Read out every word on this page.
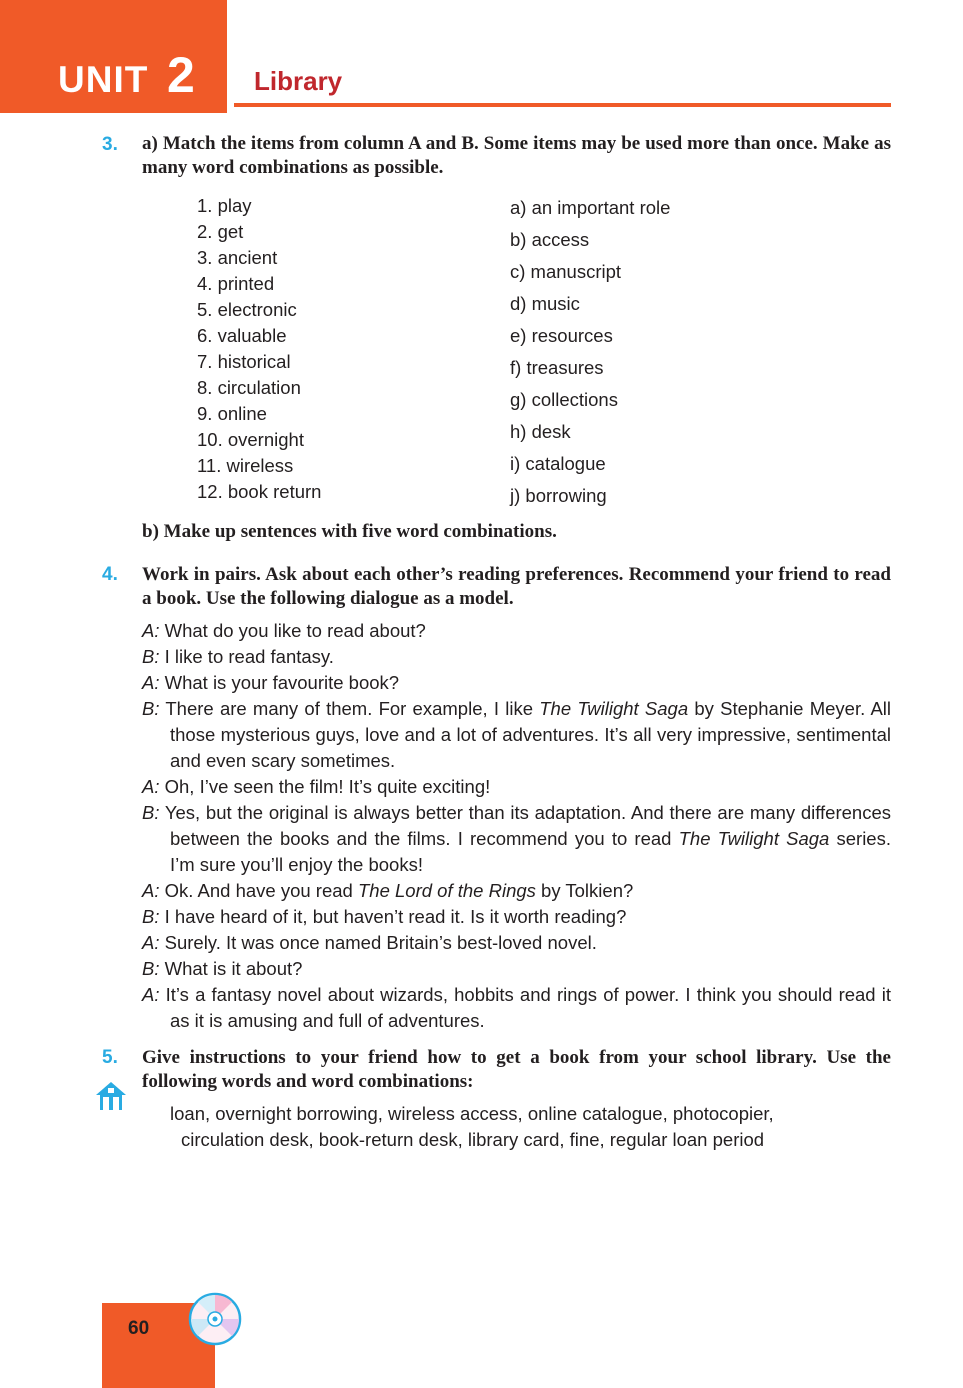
UNIT 2 Library
3. a) Match the items from column A and B. Some items may be used more than once. Make as many word combinations as possible.

1. play
2. get
3. ancient
4. printed
5. electronic
6. valuable
7. historical
8. circulation
9. online
10. overnight
11. wireless
12. book return
a) an important role
b) access
c) manuscript
d) music
e) resources
f) treasures
g) collections
h) desk
i) catalogue
j) borrowing

b) Make up sentences with five word combinations.

4. Work in pairs. Ask about each other’s reading preferences. Recommend your friend to read a book. Use the following dialogue as a model.

A: What do you like to read about?
B: I like to read fantasy.
A: What is your favourite book?
B: There are many of them. For example, I like The Twilight Saga by Stephanie Meyer. All those mysterious guys, love and a lot of adventures. It’s all very impressive, sentimental and even scary sometimes.
A: Oh, I’ve seen the film! It’s quite exciting!
B: Yes, but the original is always better than its adaptation. And there are many differences between the books and the films. I recommend you to read The Twilight Saga series. I’m sure you’ll enjoy the books!
A: Ok. And have you read The Lord of the Rings by Tolkien?
B: I have heard of it, but haven’t read it. Is it worth reading?
A: Surely. It was once named Britain’s best-loved novel.
B: What is it about?
A: It’s a fantasy novel about wizards, hobbits and rings of power. I think you should read it as it is amusing and full of adventures.
5. Give instructions to your friend how to get a book from your school library. Use the following words and word combinations:

loan, overnight borrowing, wireless access, online catalogue, photocopier,
circulation desk, book-return desk, library card, fine, regular loan period
60
